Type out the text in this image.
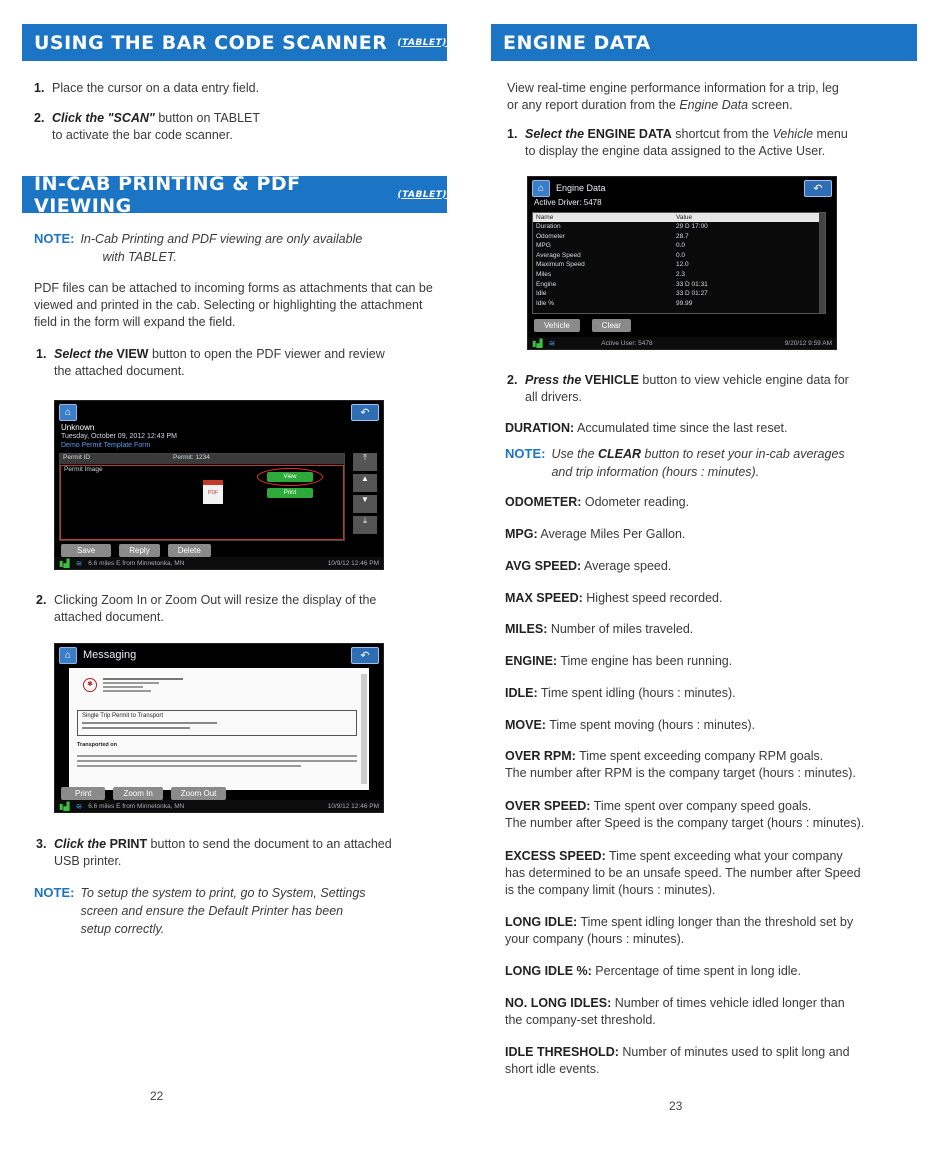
USING THE BAR CODE SCANNER (TABLET)
1. Place the cursor on a data entry field.
2. Click the "SCAN" button on TABLET
to activate the bar code scanner.
IN-CAB PRINTING & PDF VIEWING	(TABLET)
NOTE: In-Cab Printing and PDF viewing are only available
with TABLET.
PDF files can be attached to incoming forms as attachments that can be viewed and printed in the cab. Selecting or highlighting the attachment field in the form will expand the field.
1. Select the VIEW button to open the PDF viewer and review
the attached document.
⌂	↶
Unknown
Tuesday, October 09, 2012 12:43 PM
Demo Permit Template Form
Permit ID	Permit: 1234
Permit Image
PDF
View
Print
⤒
▲
▼
⤓
Save	Reply	Delete
▮▟ ≋ 6.6 miles E from Minnetonka, MN	10/9/12 12:46 PM
2. Clicking Zoom In or Zoom Out will resize the display of the
attached document.
⌂	Messaging	↶
✱
Single Trip Permit to Transport
Transported on
Print	Zoom In	Zoom Out
▮▟ ≋ 6.6 miles E from Minnetonka, MN	10/9/12 12:46 PM
3. Click the PRINT button to send the document to an attached
USB printer.
NOTE: To setup the system to print, go to System, Settings
screen and ensure the Default Printer has been
setup correctly.
22
ENGINE DATA
View real-time engine performance information for a trip, leg
or any report duration from the Engine Data screen.
1. Select the ENGINE DATA shortcut from the Vehicle menu
to display the engine data assigned to the Active User.
⌂	Engine Data	↶
Active Driver: 5478
Name	Value
Duration	29 D 17:00
Odometer	28.7
MPG	0.0
Average Speed	0.0
Maximum Speed	12.0
Miles	2.3
Engine	33 D 01:31
Idle	33 D 01:27
Idle %	99.99
Vehicle	Clear
▮▟ ≋	Active User: 5478	9/20/12 9:59 AM
2. Press the VEHICLE button to view vehicle engine data for
all drivers.
DURATION: Accumulated time since the last reset.
NOTE: Use the CLEAR button to reset your in-cab averages
and trip information (hours : minutes).
ODOMETER: Odometer reading.
MPG: Average Miles Per Gallon.
AVG SPEED: Average speed.
MAX SPEED: Highest speed recorded.
MILES: Number of miles traveled.
ENGINE: Time engine has been running.
IDLE: Time spent idling (hours : minutes).
MOVE: Time spent moving (hours : minutes).
OVER RPM: Time spent exceeding company RPM goals.
The number after RPM is the company target (hours : minutes).
OVER SPEED: Time spent over company speed goals.
The number after Speed is the company target (hours : minutes).
EXCESS SPEED: Time spent exceeding what your company
has determined to be an unsafe speed. The number after Speed
is the company limit (hours : minutes).
LONG IDLE: Time spent idling longer than the threshold set by
your company (hours : minutes).
LONG IDLE %: Percentage of time spent in long idle.
NO. LONG IDLES: Number of times vehicle idled longer than
the company-set threshold.
IDLE THRESHOLD: Number of minutes used to split long and
short idle events.
23
